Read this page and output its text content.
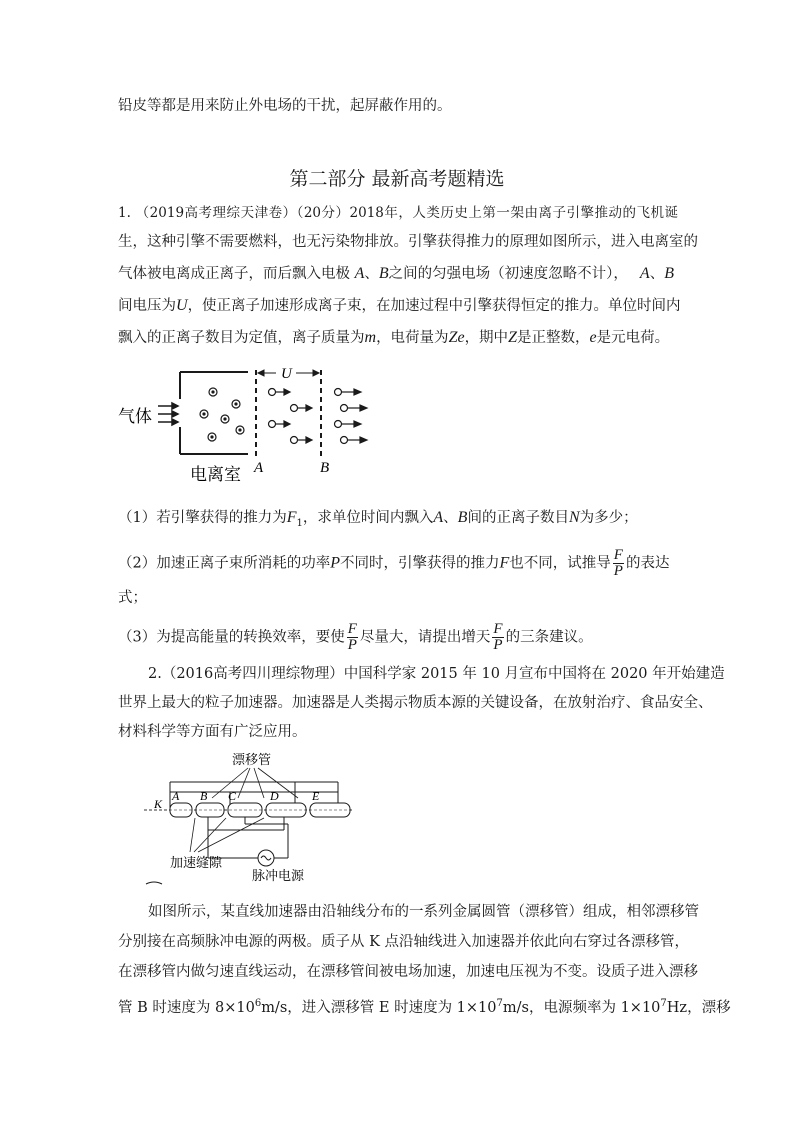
铅皮等都是用来防止外电场的干扰，起屏蔽作用的。
第二部分 最新高考题精选
1. （2019高考理综天津卷）（20分）2018年，人类历史上第一架由离子引擎推动的飞机诞
生，这种引擎不需要燃料，也无污染物排放。引擎获得推力的原理如图所示，进入电离室的
气体被电离成正离子，而后飘入电极 A、B之间的匀强电场（初速度忽略不计）， A、B
间电压为U，使正离子加速形成离子束，在加速过程中引擎获得恒定的推力。单位时间内
飘入的正离子数目为定值，离子质量为m，电荷量为Ze，期中Z是正整数，e是元电荷。
气体
U
A	B
电离室
（1）若引擎获得的推力为$F_1$，求单位时间内飘入A、B间的正离子数目N为多少；
（2）加速正离子束所消耗的功率P不同时，引擎获得的推力F也不同，试推导 $\frac{F}{P}$ 的表达
式；
（3）为提高能量的转换效率，要使 $\frac{F}{P}$ 尽量大，请提出增天 $\frac{F}{P}$ 的三条建议。
2.（2016高考四川理综物理）中国科学家 2015 年 10 月宣布中国将在 2020 年开始建造
世界上最大的粒子加速器。加速器是人类揭示物质本源的关键设备，在放射治疗、食品安全、
材料科学等方面有广泛应用。
漂移管
K
A B C	D	E
加速缝隙
脉冲电源
如图所示，某直线加速器由沿轴线分布的一系列金属圆管（漂移管）组成，相邻漂移管
分别接在高频脉冲电源的两极。质子从 K 点沿轴线进入加速器并依此向右穿过各漂移管，
在漂移管内做匀速直线运动，在漂移管间被电场加速，加速电压视为不变。设质子进入漂移
管 B 时速度为 $8\times 10^6m/s$，进入漂移管 E 时速度为 $1\times 10^7m/s$，电源频率为 $1\times 10^7Hz$，漂移
